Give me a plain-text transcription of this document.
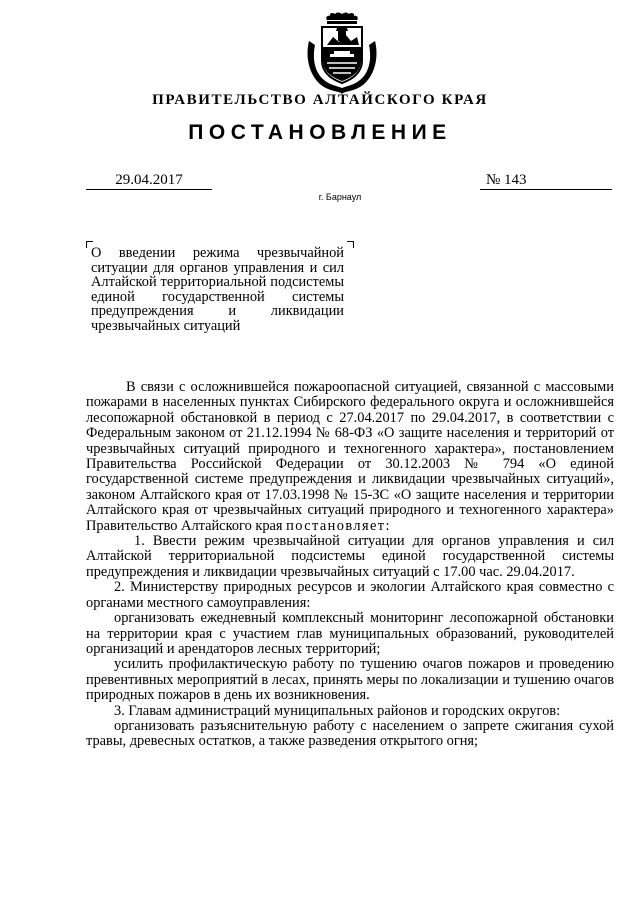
ПРАВИТЕЛЬСТВО АЛТАЙСКОГО КРАЯ
ПОСТАНОВЛЕНИЕ
29.04.2017	№ 143
г. Барнаул

О введении режима чрезвычайной ситуации для органов управления и сил Алтайской территориальной подсистемы единой государственной системы предупреждения и ликвидации чрезвычайных ситуаций

В связи с осложнившейся пожароопасной ситуацией, связанной с массовыми пожарами в населенных пунктах Сибирского федерального округа и осложнившейся лесопожарной обстановкой в период с 27.04.2017 по 29.04.2017, в соответствии с Федеральным законом от 21.12.1994 № 68-ФЗ «О защите населения и территорий от чрезвычайных ситуаций природного и техногенного характера», постановлением Правительства Российской Федерации от 30.12.2003 № 794 «О единой государственной системе предупреждения и ликвидации чрезвычайных ситуаций», законом Алтайского края от 17.03.1998 № 15-ЗС «О защите населения и территории Алтайского края от чрезвычайных ситуаций природного и техногенного характера» Правительство Алтайского края постановляет:

1. Ввести режим чрезвычайной ситуации для органов управления и сил Алтайской территориальной подсистемы единой государственной системы предупреждения и ликвидации чрезвычайных ситуаций с 17.00 час. 29.04.2017.

2. Министерству природных ресурсов и экологии Алтайского края совместно с органами местного самоуправления:

организовать ежедневный комплексный мониторинг лесопожарной обстановки на территории края с участием глав муниципальных образований, руководителей организаций и арендаторов лесных территорий;

усилить профилактическую работу по тушению очагов пожаров и проведению превентивных мероприятий в лесах, принять меры по локализации и тушению очагов природных пожаров в день их возникновения.

3. Главам администраций муниципальных районов и городских округов:

организовать разъяснительную работу с населением о запрете сжигания сухой травы, древесных остатков, а также разведения открытого огня;
